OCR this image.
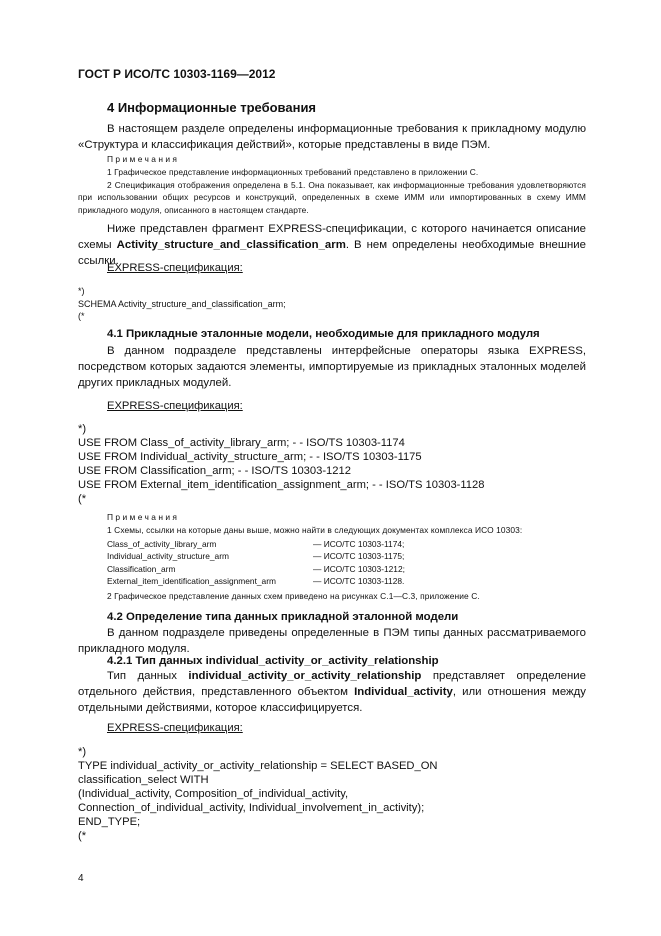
ГОСТ Р ИСО/ТС 10303-1169—2012
4 Информационные требования
В настоящем разделе определены информационные требования к прикладному модулю «Структура и классификация действий», которые представлены в виде ПЭМ.
Примечания
1 Графическое представление информационных требований представлено в приложении С.
2 Спецификация отображения определена в 5.1. Она показывает, как информационные требования удовлетворяются при использовании общих ресурсов и конструкций, определенных в схеме ИММ или импортированных в схему ИММ прикладного модуля, описанного в настоящем стандарте.
Ниже представлен фрагмент EXPRESS-спецификации, с которого начинается описание схемы Activity_structure_and_classification_arm. В нем определены необходимые внешние ссылки.
EXPRESS-спецификация:
*)
SCHEMA Activity_structure_and_classification_arm;
(*
4.1 Прикладные эталонные модели, необходимые для прикладного модуля
В данном подразделе представлены интерфейсные операторы языка EXPRESS, посредством которых задаются элементы, импортируемые из прикладных эталонных моделей других прикладных модулей.
EXPRESS-спецификация:
*)
USE FROM Class_of_activity_library_arm; - - ISO/TS 10303-1174
USE FROM Individual_activity_structure_arm; - - ISO/TS 10303-1175
USE FROM Classification_arm; - - ISO/TS 10303-1212
USE FROM External_item_identification_assignment_arm; - - ISO/TS 10303-1128
(*
Примечания
1 Схемы, ссылки на которые даны выше, можно найти в следующих документах комплекса ИСО 10303:
Class_of_activity_library_arm	— ИСО/ТС 10303-1174;
Individual_activity_structure_arm	— ИСО/ТС 10303-1175;
Classification_arm	— ИСО/ТС 10303-1212;
External_item_identification_assignment_arm	— ИСО/ТС 10303-1128.
2 Графическое представление данных схем приведено на рисунках С.1—С.3, приложение С.
4.2 Определение типа данных прикладной эталонной модели
В данном подразделе приведены определенные в ПЭМ типы данных рассматриваемого прикладного модуля.
4.2.1 Тип данных individual_activity_or_activity_relationship
Тип данных individual_activity_or_activity_relationship представляет определение отдельного действия, представленного объектом Individual_activity, или отношения между отдельными действиями, которое классифицируется.
EXPRESS-спецификация:
*)
TYPE individual_activity_or_activity_relationship = SELECT BASED_ON
classification_select WITH
(Individual_activity, Composition_of_individual_activity,
Connection_of_individual_activity, Individual_involvement_in_activity);
END_TYPE;
(*
4
